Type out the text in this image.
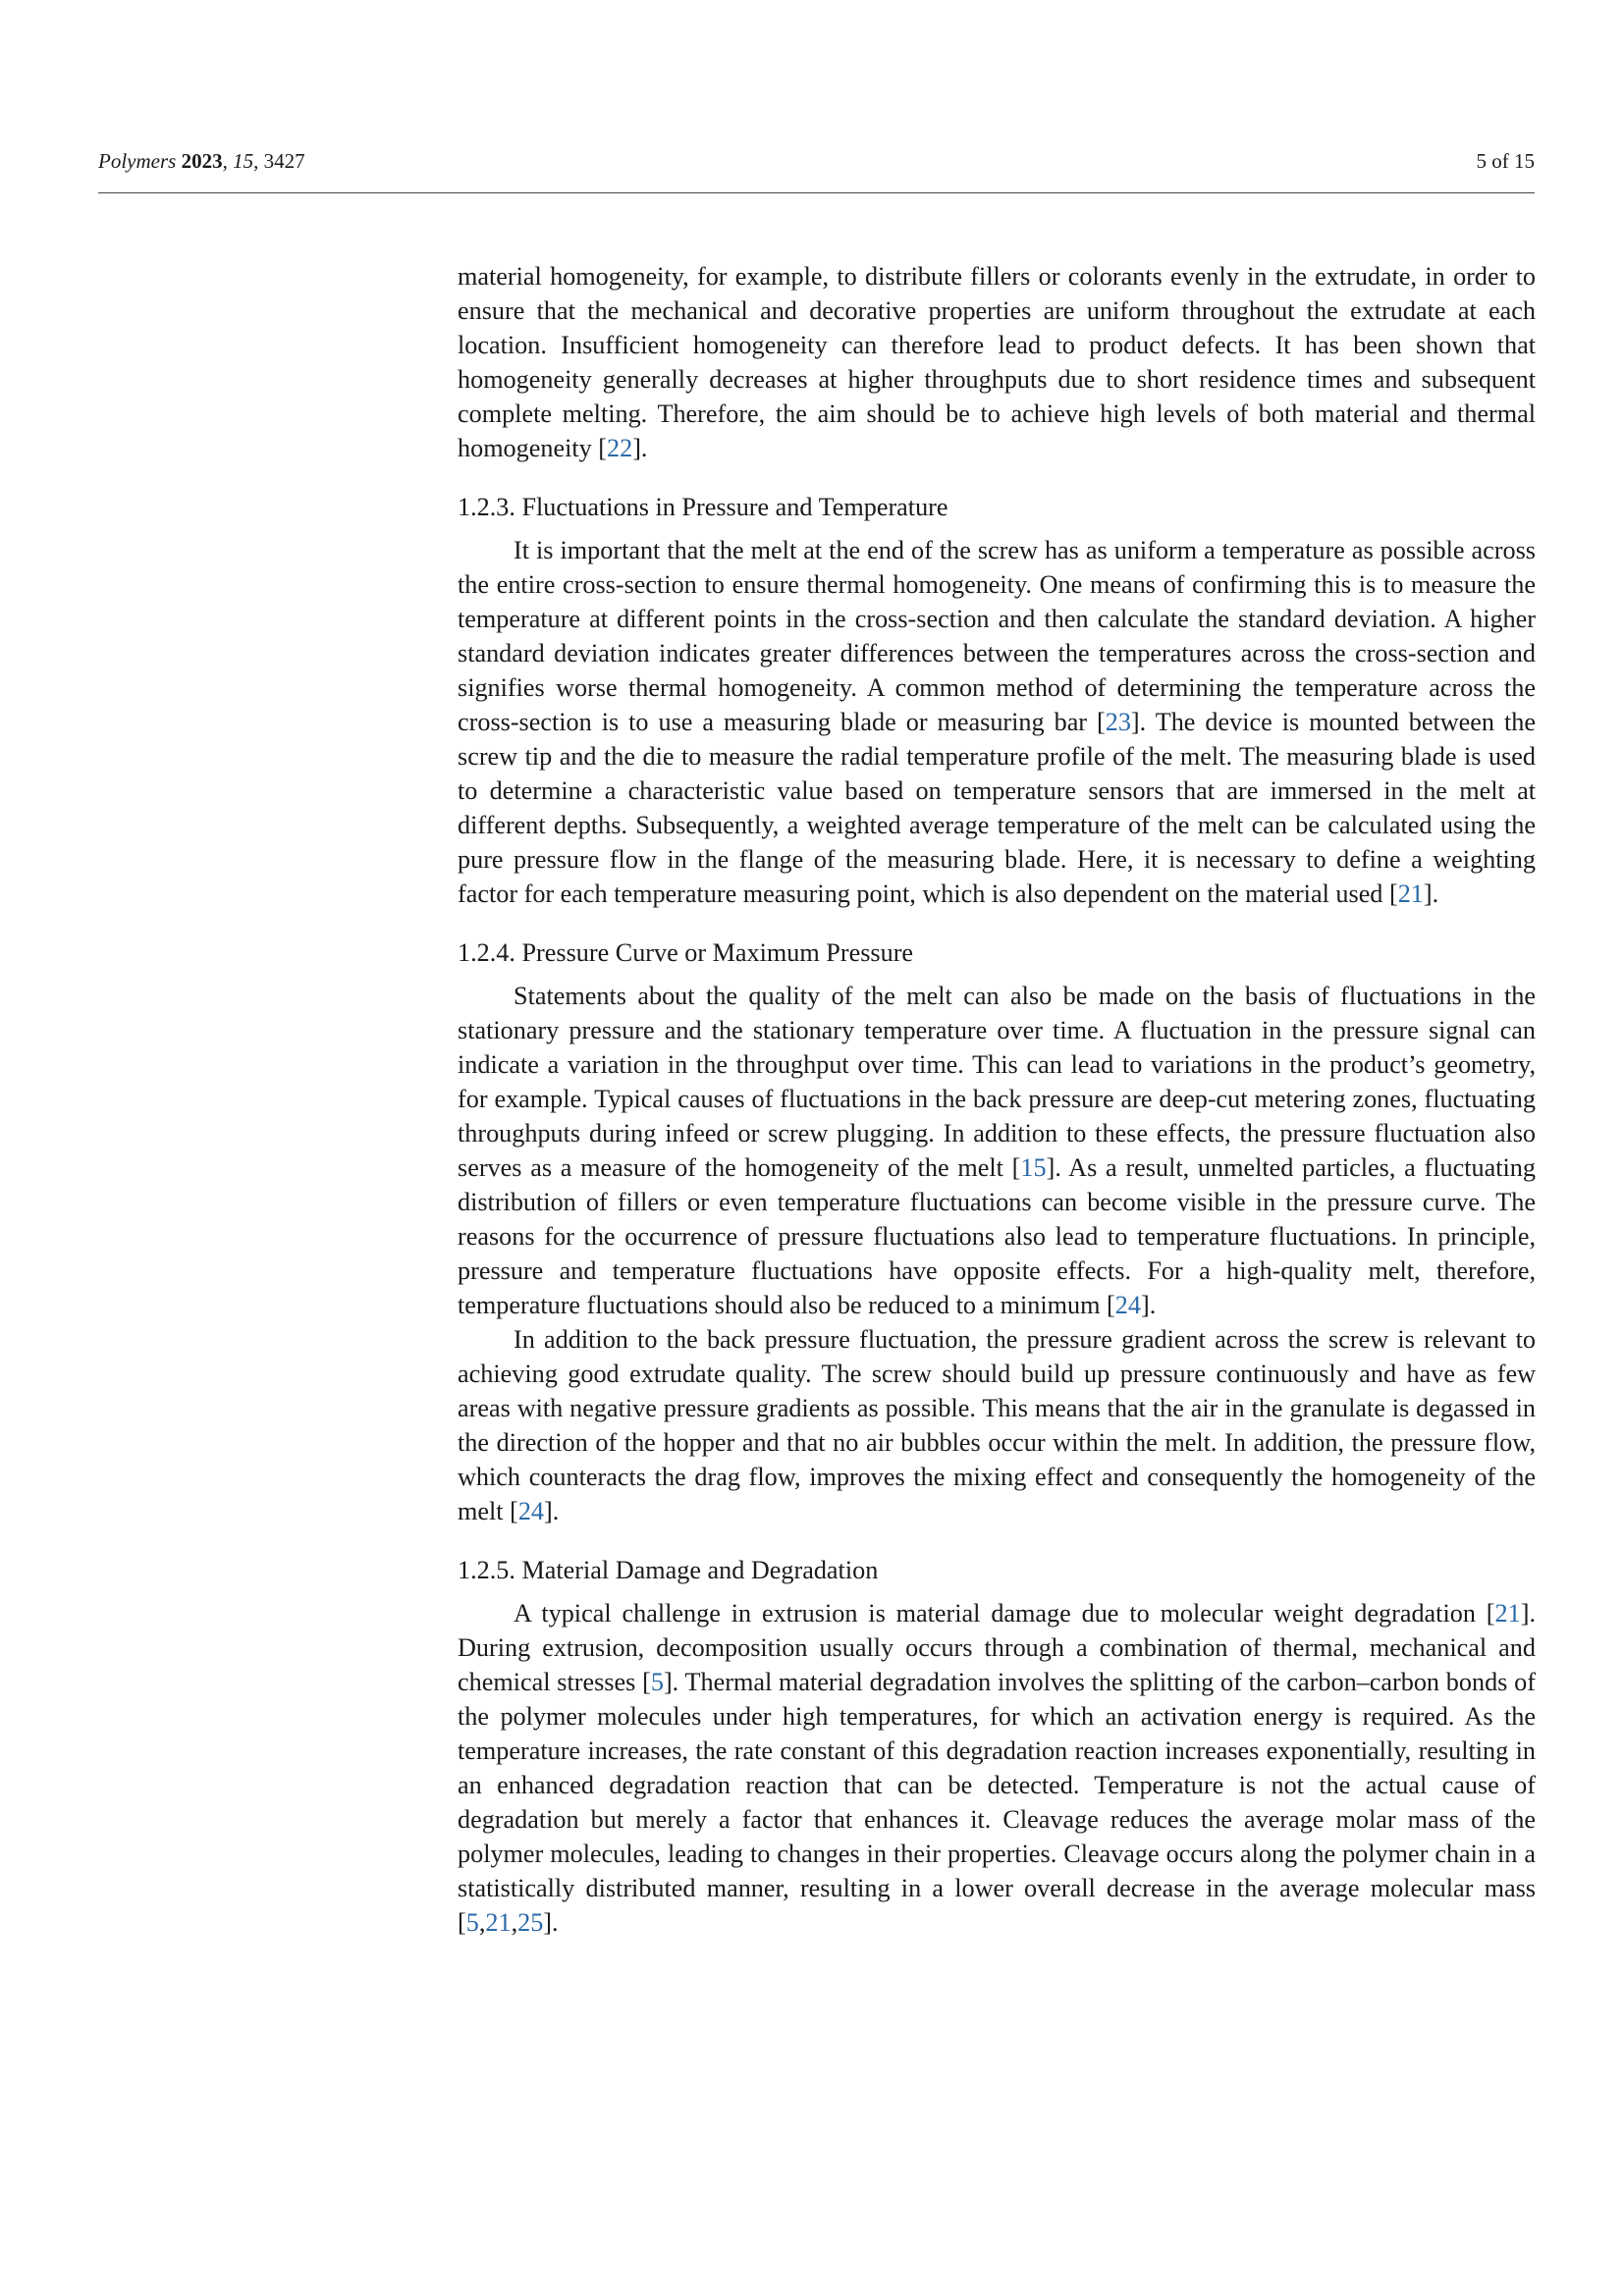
Polymers 2023, 15, 3427	5 of 15

material homogeneity, for example, to distribute fillers or colorants evenly in the extrudate, in order to ensure that the mechanical and decorative properties are uniform throughout the extrudate at each location. Insufficient homogeneity can therefore lead to product defects. It has been shown that homogeneity generally decreases at higher throughputs due to short residence times and subsequent complete melting. Therefore, the aim should be to achieve high levels of both material and thermal homogeneity [22].

1.2.3. Fluctuations in Pressure and Temperature

It is important that the melt at the end of the screw has as uniform a temperature as possible across the entire cross-section to ensure thermal homogeneity. One means of confirming this is to measure the temperature at different points in the cross-section and then calculate the standard deviation. A higher standard deviation indicates greater differences between the temperatures across the cross-section and signifies worse thermal homogeneity. A common method of determining the temperature across the cross-section is to use a measuring blade or measuring bar [23]. The device is mounted between the screw tip and the die to measure the radial temperature profile of the melt. The measuring blade is used to determine a characteristic value based on temperature sensors that are immersed in the melt at different depths. Subsequently, a weighted average temperature of the melt can be calculated using the pure pressure flow in the flange of the measuring blade. Here, it is necessary to define a weighting factor for each temperature measuring point, which is also dependent on the material used [21].

1.2.4. Pressure Curve or Maximum Pressure

Statements about the quality of the melt can also be made on the basis of fluctuations in the stationary pressure and the stationary temperature over time. A fluctuation in the pressure signal can indicate a variation in the throughput over time. This can lead to variations in the product’s geometry, for example. Typical causes of fluctuations in the back pressure are deep-cut metering zones, fluctuating throughputs during infeed or screw plugging. In addition to these effects, the pressure fluctuation also serves as a measure of the homogeneity of the melt [15]. As a result, unmelted particles, a fluctuating distribution of fillers or even temperature fluctuations can become visible in the pressure curve. The reasons for the occurrence of pressure fluctuations also lead to temperature fluctuations. In principle, pressure and temperature fluctuations have opposite effects. For a high-quality melt, therefore, temperature fluctuations should also be reduced to a minimum [24].

In addition to the back pressure fluctuation, the pressure gradient across the screw is relevant to achieving good extrudate quality. The screw should build up pressure continuously and have as few areas with negative pressure gradients as possible. This means that the air in the granulate is degassed in the direction of the hopper and that no air bubbles occur within the melt. In addition, the pressure flow, which counteracts the drag flow, improves the mixing effect and consequently the homogeneity of the melt [24].

1.2.5. Material Damage and Degradation

A typical challenge in extrusion is material damage due to molecular weight degradation [21]. During extrusion, decomposition usually occurs through a combination of thermal, mechanical and chemical stresses [5]. Thermal material degradation involves the splitting of the carbon–carbon bonds of the polymer molecules under high temperatures, for which an activation energy is required. As the temperature increases, the rate constant of this degradation reaction increases exponentially, resulting in an enhanced degradation reaction that can be detected. Temperature is not the actual cause of degradation but merely a factor that enhances it. Cleavage reduces the average molar mass of the polymer molecules, leading to changes in their properties. Cleavage occurs along the polymer chain in a statistically distributed manner, resulting in a lower overall decrease in the average molecular mass [5,21,25].
